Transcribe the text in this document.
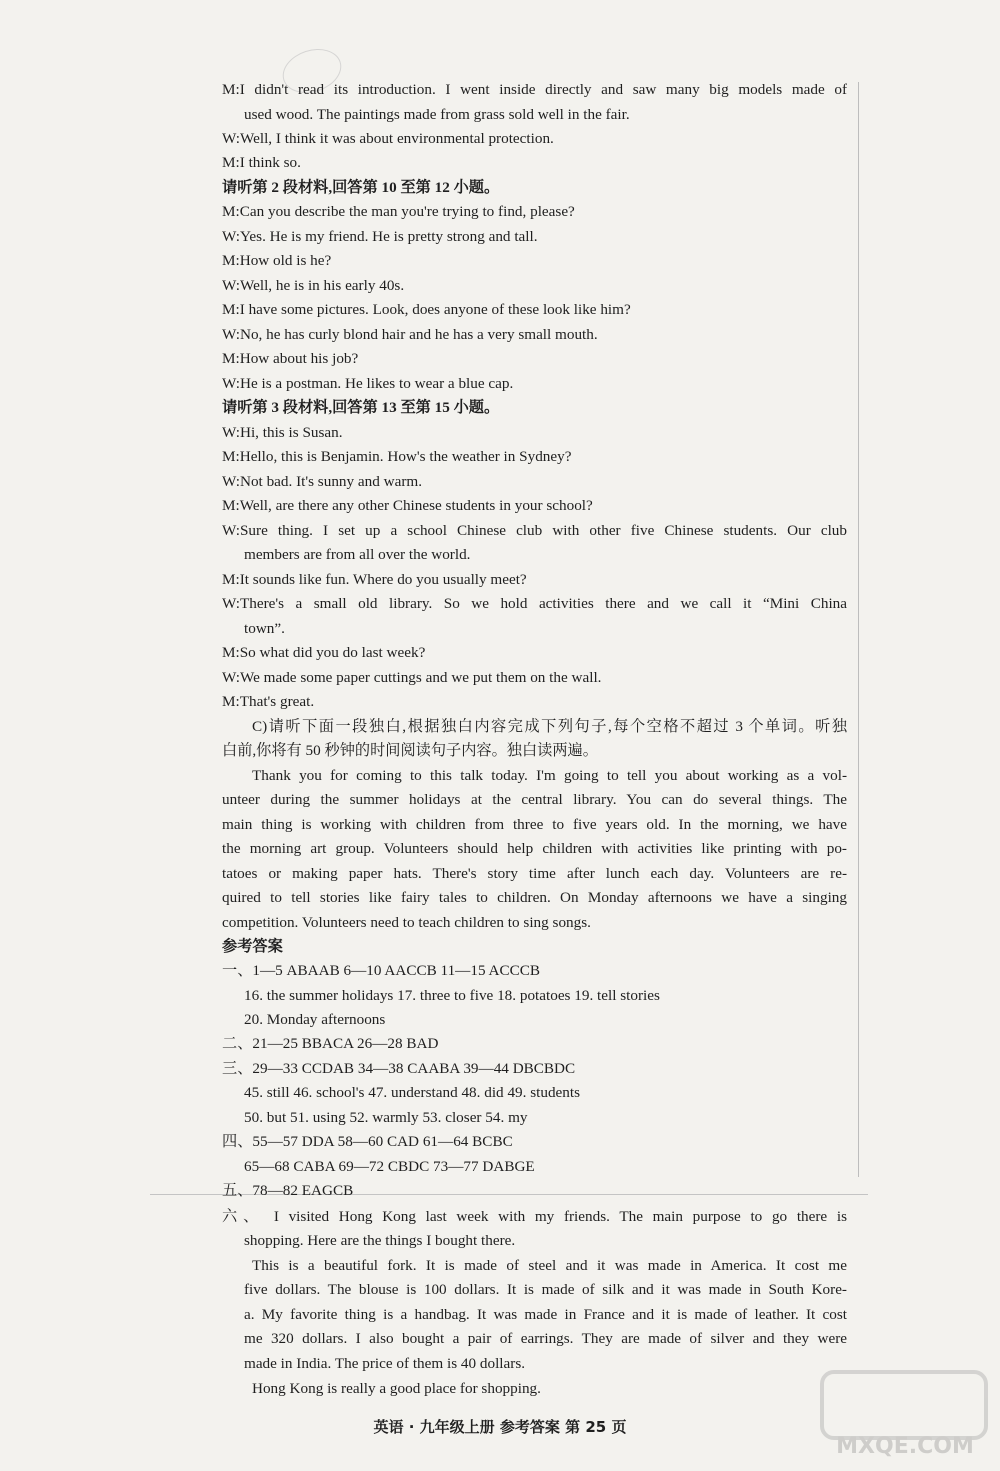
M:I didn't read its introduction. I went inside directly and saw many big models made of
used wood. The paintings made from grass sold well in the fair.
W:Well, I think it was about environmental protection.
M:I think so.
请听第 2 段材料,回答第 10 至第 12 小题。
M:Can you describe the man you're trying to find, please?
W:Yes. He is my friend. He is pretty strong and tall.
M:How old is he?
W:Well, he is in his early 40s.
M:I have some pictures. Look, does anyone of these look like him?
W:No, he has curly blond hair and he has a very small mouth.
M:How about his job?
W:He is a postman. He likes to wear a blue cap.
请听第 3 段材料,回答第 13 至第 15 小题。
W:Hi, this is Susan.
M:Hello, this is Benjamin. How's the weather in Sydney?
W:Not bad. It's sunny and warm.
M:Well, are there any other Chinese students in your school?
W:Sure thing. I set up a school Chinese club with other five Chinese students. Our club
members are from all over the world.
M:It sounds like fun. Where do you usually meet?
W:There's a small old library. So we hold activities there and we call it “Mini China
town”.
M:So what did you do last week?
W:We made some paper cuttings and we put them on the wall.
M:That's great.
C)请听下面一段独白,根据独白内容完成下列句子,每个空格不超过 3 个单词。听独
白前,你将有 50 秒钟的时间阅读句子内容。独白读两遍。
Thank you for coming to this talk today. I'm going to tell you about working as a vol-
unteer during the summer holidays at the central library. You can do several things. The
main thing is working with children from three to five years old. In the morning, we have
the morning art group. Volunteers should help children with activities like printing with po-
tatoes or making paper hats. There's story time after lunch each day. Volunteers are re-
quired to tell stories like fairy tales to children. On Monday afternoons we have a singing
competition. Volunteers need to teach children to sing songs.
参考答案
一、1—5 ABAAB 6—10 AACCB 11—15 ACCCB
16. the summer holidays 17. three to five 18. potatoes 19. tell stories
20. Monday afternoons
二、21—25 BBACA 26—28 BAD
三、29—33 CCDAB 34—38 CAABA 39—44 DBCBDC
45. still 46. school's 47. understand 48. did 49. students
50. but 51. using 52. warmly 53. closer 54. my
四、55—57 DDA 58—60 CAD 61—64 BCBC
65—68 CABA 69—72 CBDC 73—77 DABGE
五、78—82 EAGCB
六、 I visited Hong Kong last week with my friends. The main purpose to go there is
shopping. Here are the things I bought there.
This is a beautiful fork. It is made of steel and it was made in America. It cost me
five dollars. The blouse is 100 dollars. It is made of silk and it was made in South Kore-
a. My favorite thing is a handbag. It was made in France and it is made of leather. It cost
me 320 dollars. I also bought a pair of earrings. They are made of silver and they were
made in India. The price of them is 40 dollars.
Hong Kong is really a good place for shopping.
英语 · 九年级上册 参考答案 第 25 页
MXQE.COM
